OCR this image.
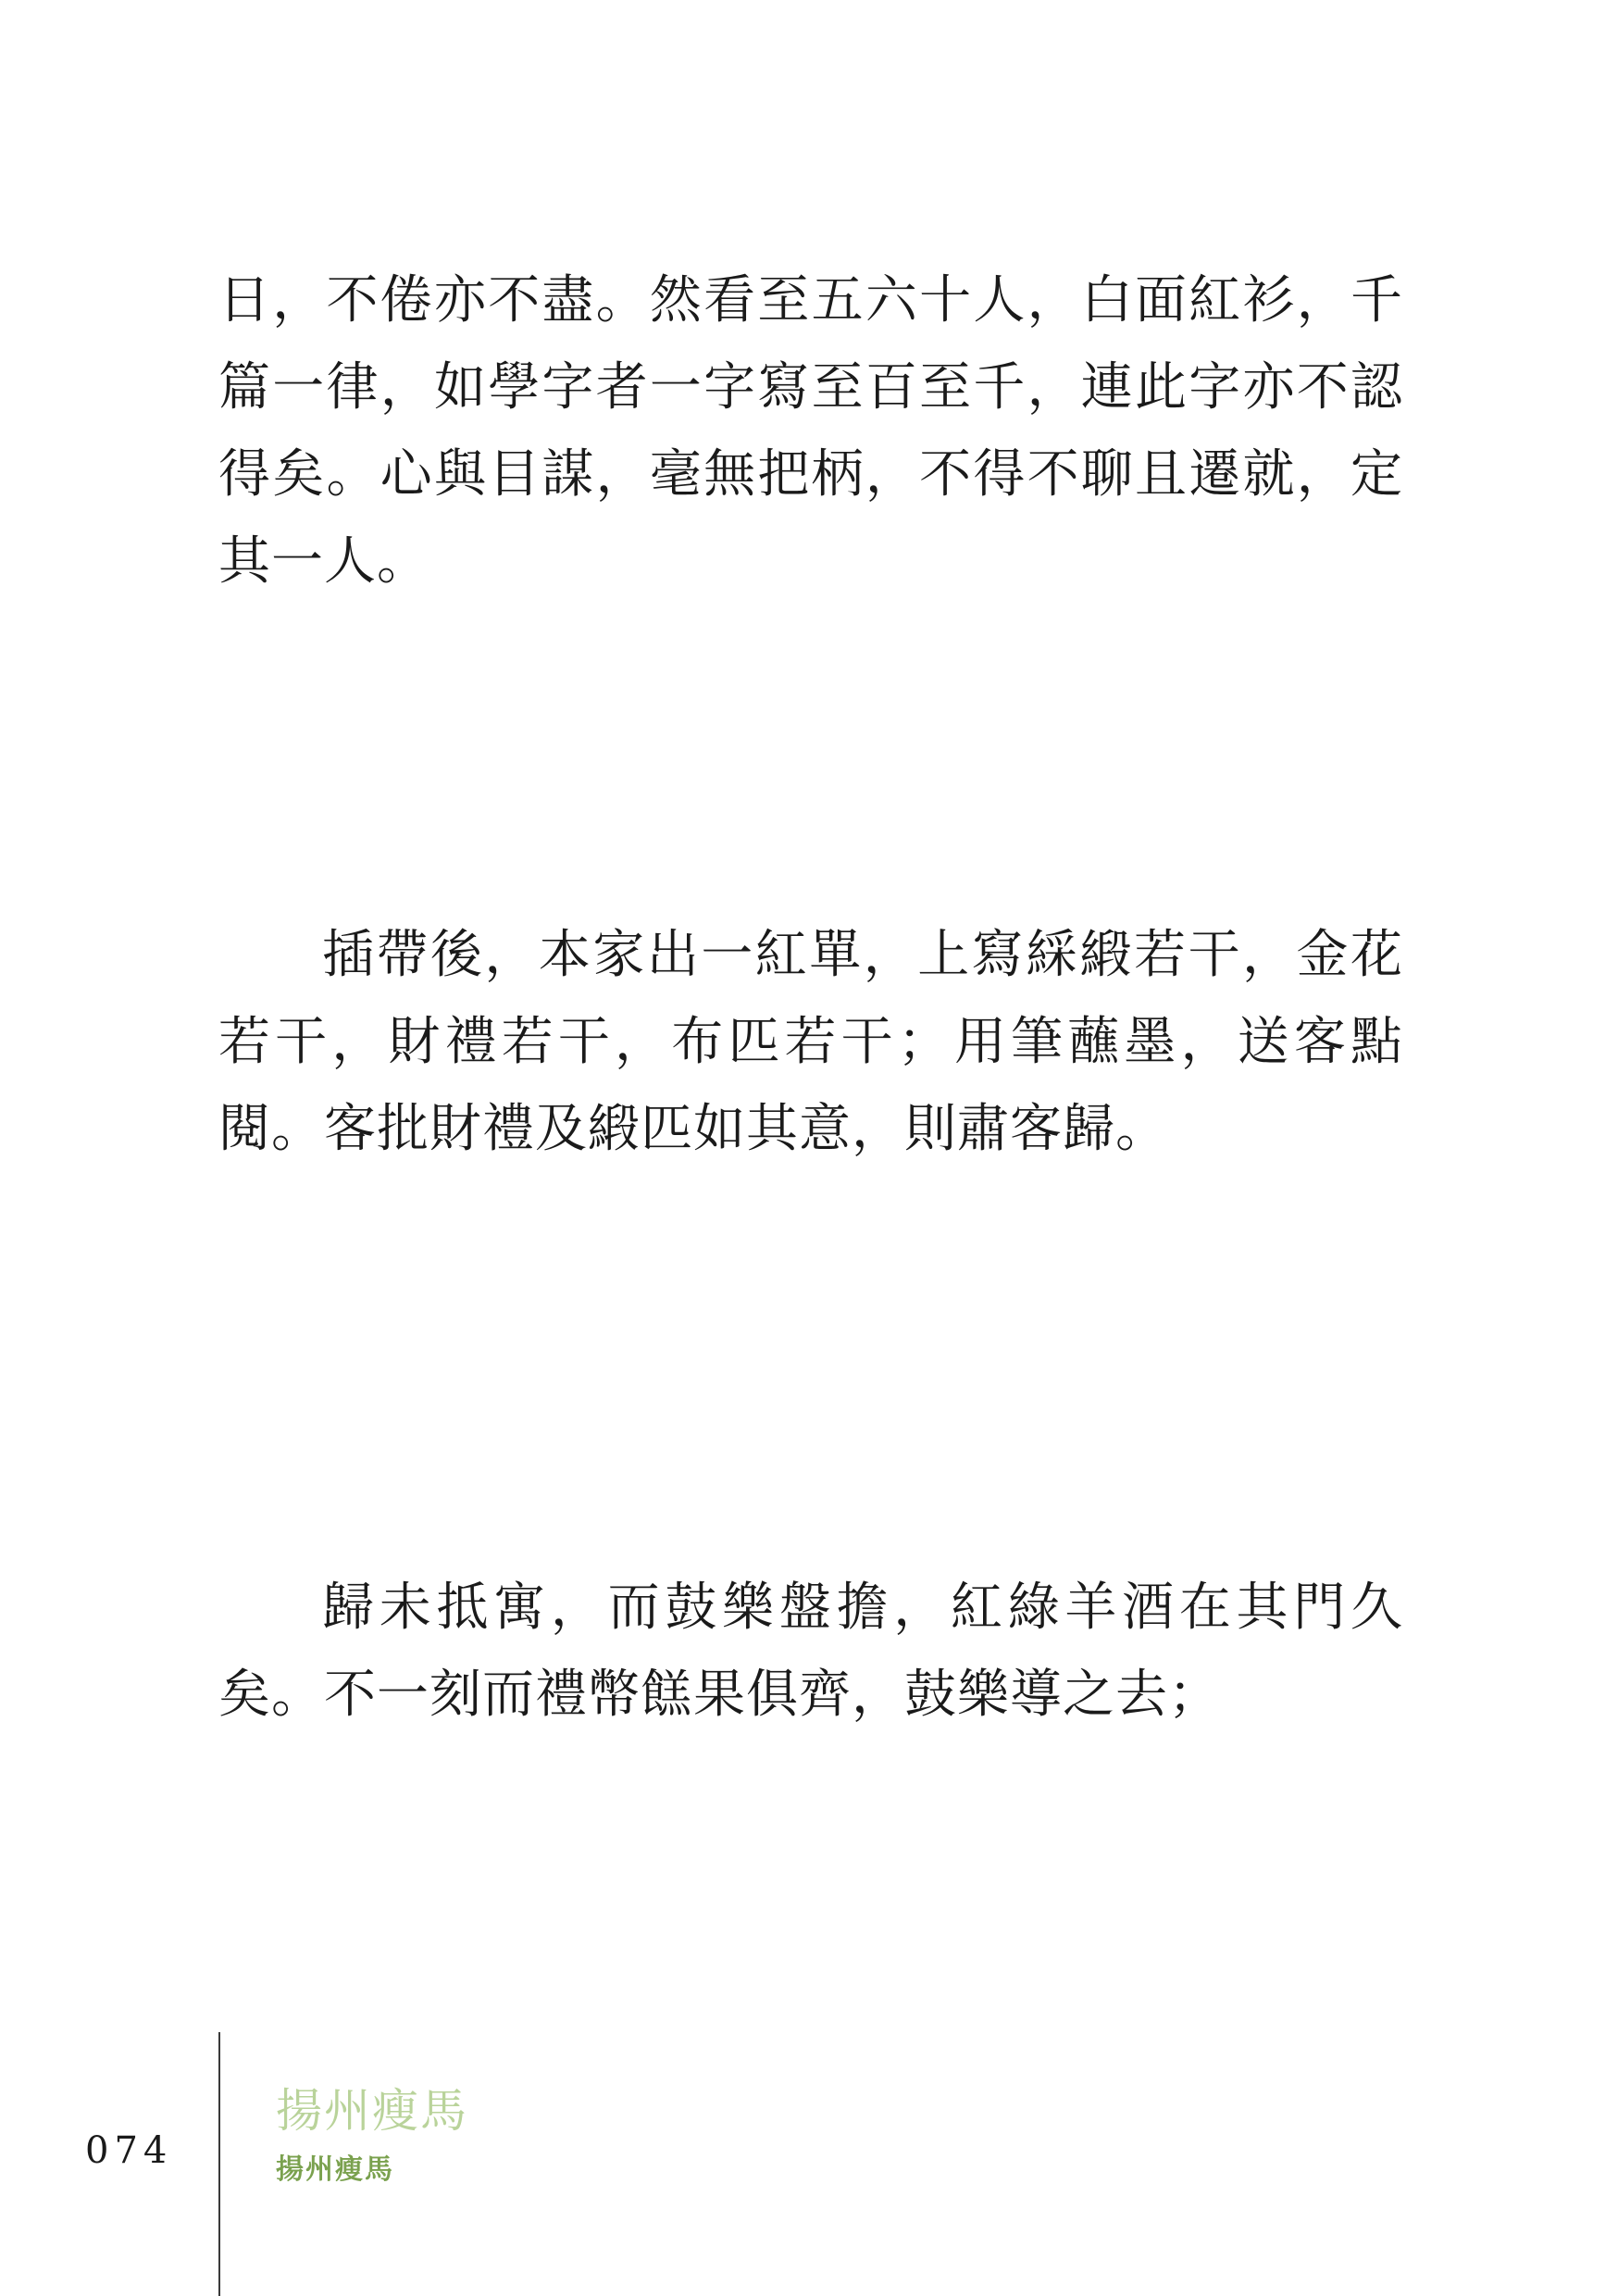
日，不倦亦不盡。然看至五六十人，白面紅衫，千篇一律，如學字者一字寫至百至千，連此字亦不認得矣。心與目謀，毫無把柄，不得不聊且遷就，定其一人。

插帶後，本家出一紅單，上寫綵緞若干，金花若干，財禮若干，布匹若干；用筆蘸墨，送客點閱。客批財禮及緞匹如其意，則肅客歸。

歸未抵寓，而鼓樂盤擔，紅綠羊酒在其門久矣。不一刻而禮幣餻果俱齊，鼓樂導之去；

074
揚州瘦馬
揚州瘦馬
